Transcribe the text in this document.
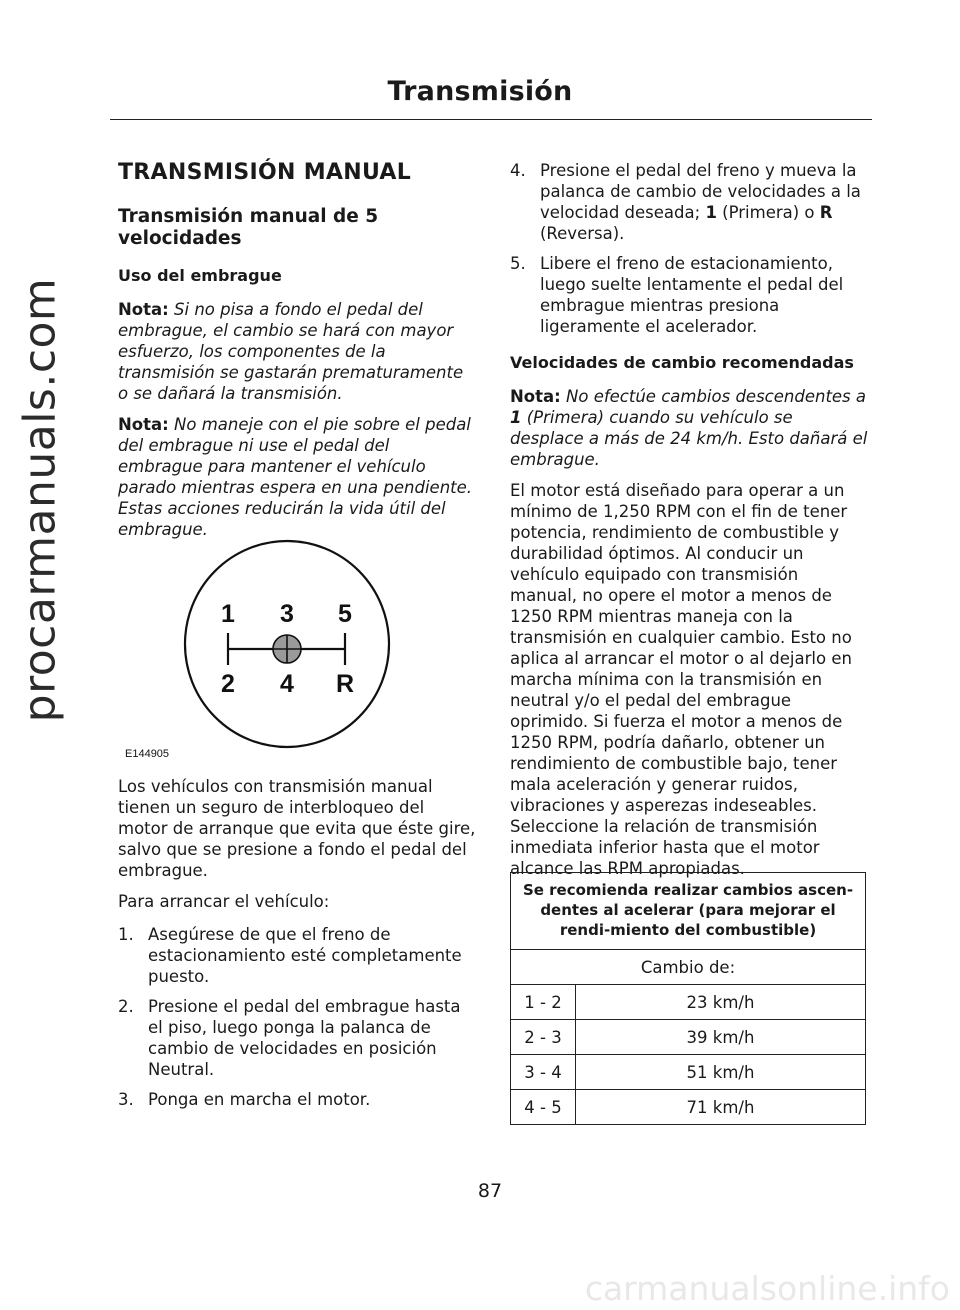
Transmisión
procarmanuals.com
TRANSMISIÓN MANUAL
Transmisión manual de 5 velocidades
Uso del embrague

Nota: Si no pisa a fondo el pedal del embrague, el cambio se hará con mayor esfuerzo, los componentes de la transmisión se gastarán prematuramente o se dañará la transmisión.

Nota: No maneje con el pie sobre el pedal del embrague ni use el pedal del embrague para mantener el vehículo parado mientras espera en una pendiente. Estas acciones reducirán la vida útil del embrague.

1 3 5
2 4 R
E144905

Los vehículos con transmisión manual tienen un seguro de interbloqueo del motor de arranque que evita que éste gire, salvo que se presione a fondo el pedal del embrague.

Para arrancar el vehículo:

1. Asegúrese de que el freno de estacionamiento esté completamente puesto.
2. Presione el pedal del embrague hasta el piso, luego ponga la palanca de cambio de velocidades en posición Neutral.
3. Ponga en marcha el motor.
4. Presione el pedal del freno y mueva la palanca de cambio de velocidades a la velocidad deseada; 1 (Primera) o R (Reversa).
5. Libere el freno de estacionamiento, luego suelte lentamente el pedal del embrague mientras presiona ligeramente el acelerador.
Velocidades de cambio recomendadas

Nota: No efectúe cambios descendentes a 1 (Primera) cuando su vehículo se desplace a más de 24 km/h. Esto dañará el embrague.

El motor está diseñado para operar a un mínimo de 1,250 RPM con el fin de tener potencia, rendimiento de combustible y durabilidad óptimos. Al conducir un vehículo equipado con transmisión manual, no opere el motor a menos de 1250 RPM mientras maneja con la transmisión en cualquier cambio. Esto no aplica al arrancar el motor o al dejarlo en marcha mínima con la transmisión en neutral y/o el pedal del embrague oprimido. Si fuerza el motor a menos de 1250 RPM, podría dañarlo, obtener un rendimiento de combustible bajo, tener mala aceleración y generar ruidos, vibraciones y asperezas indeseables. Seleccione la relación de transmisión inmediata inferior hasta que el motor alcance las RPM apropiadas.

Se recomienda realizar cambios ascen-dentes al acelerar (para mejorar el rendi-miento del combustible)	
Cambio de:	
1 - 2	23 km/h
2 - 3	39 km/h
3 - 4	51 km/h
4 - 5	71 km/h
87
carmanualsonline.info
